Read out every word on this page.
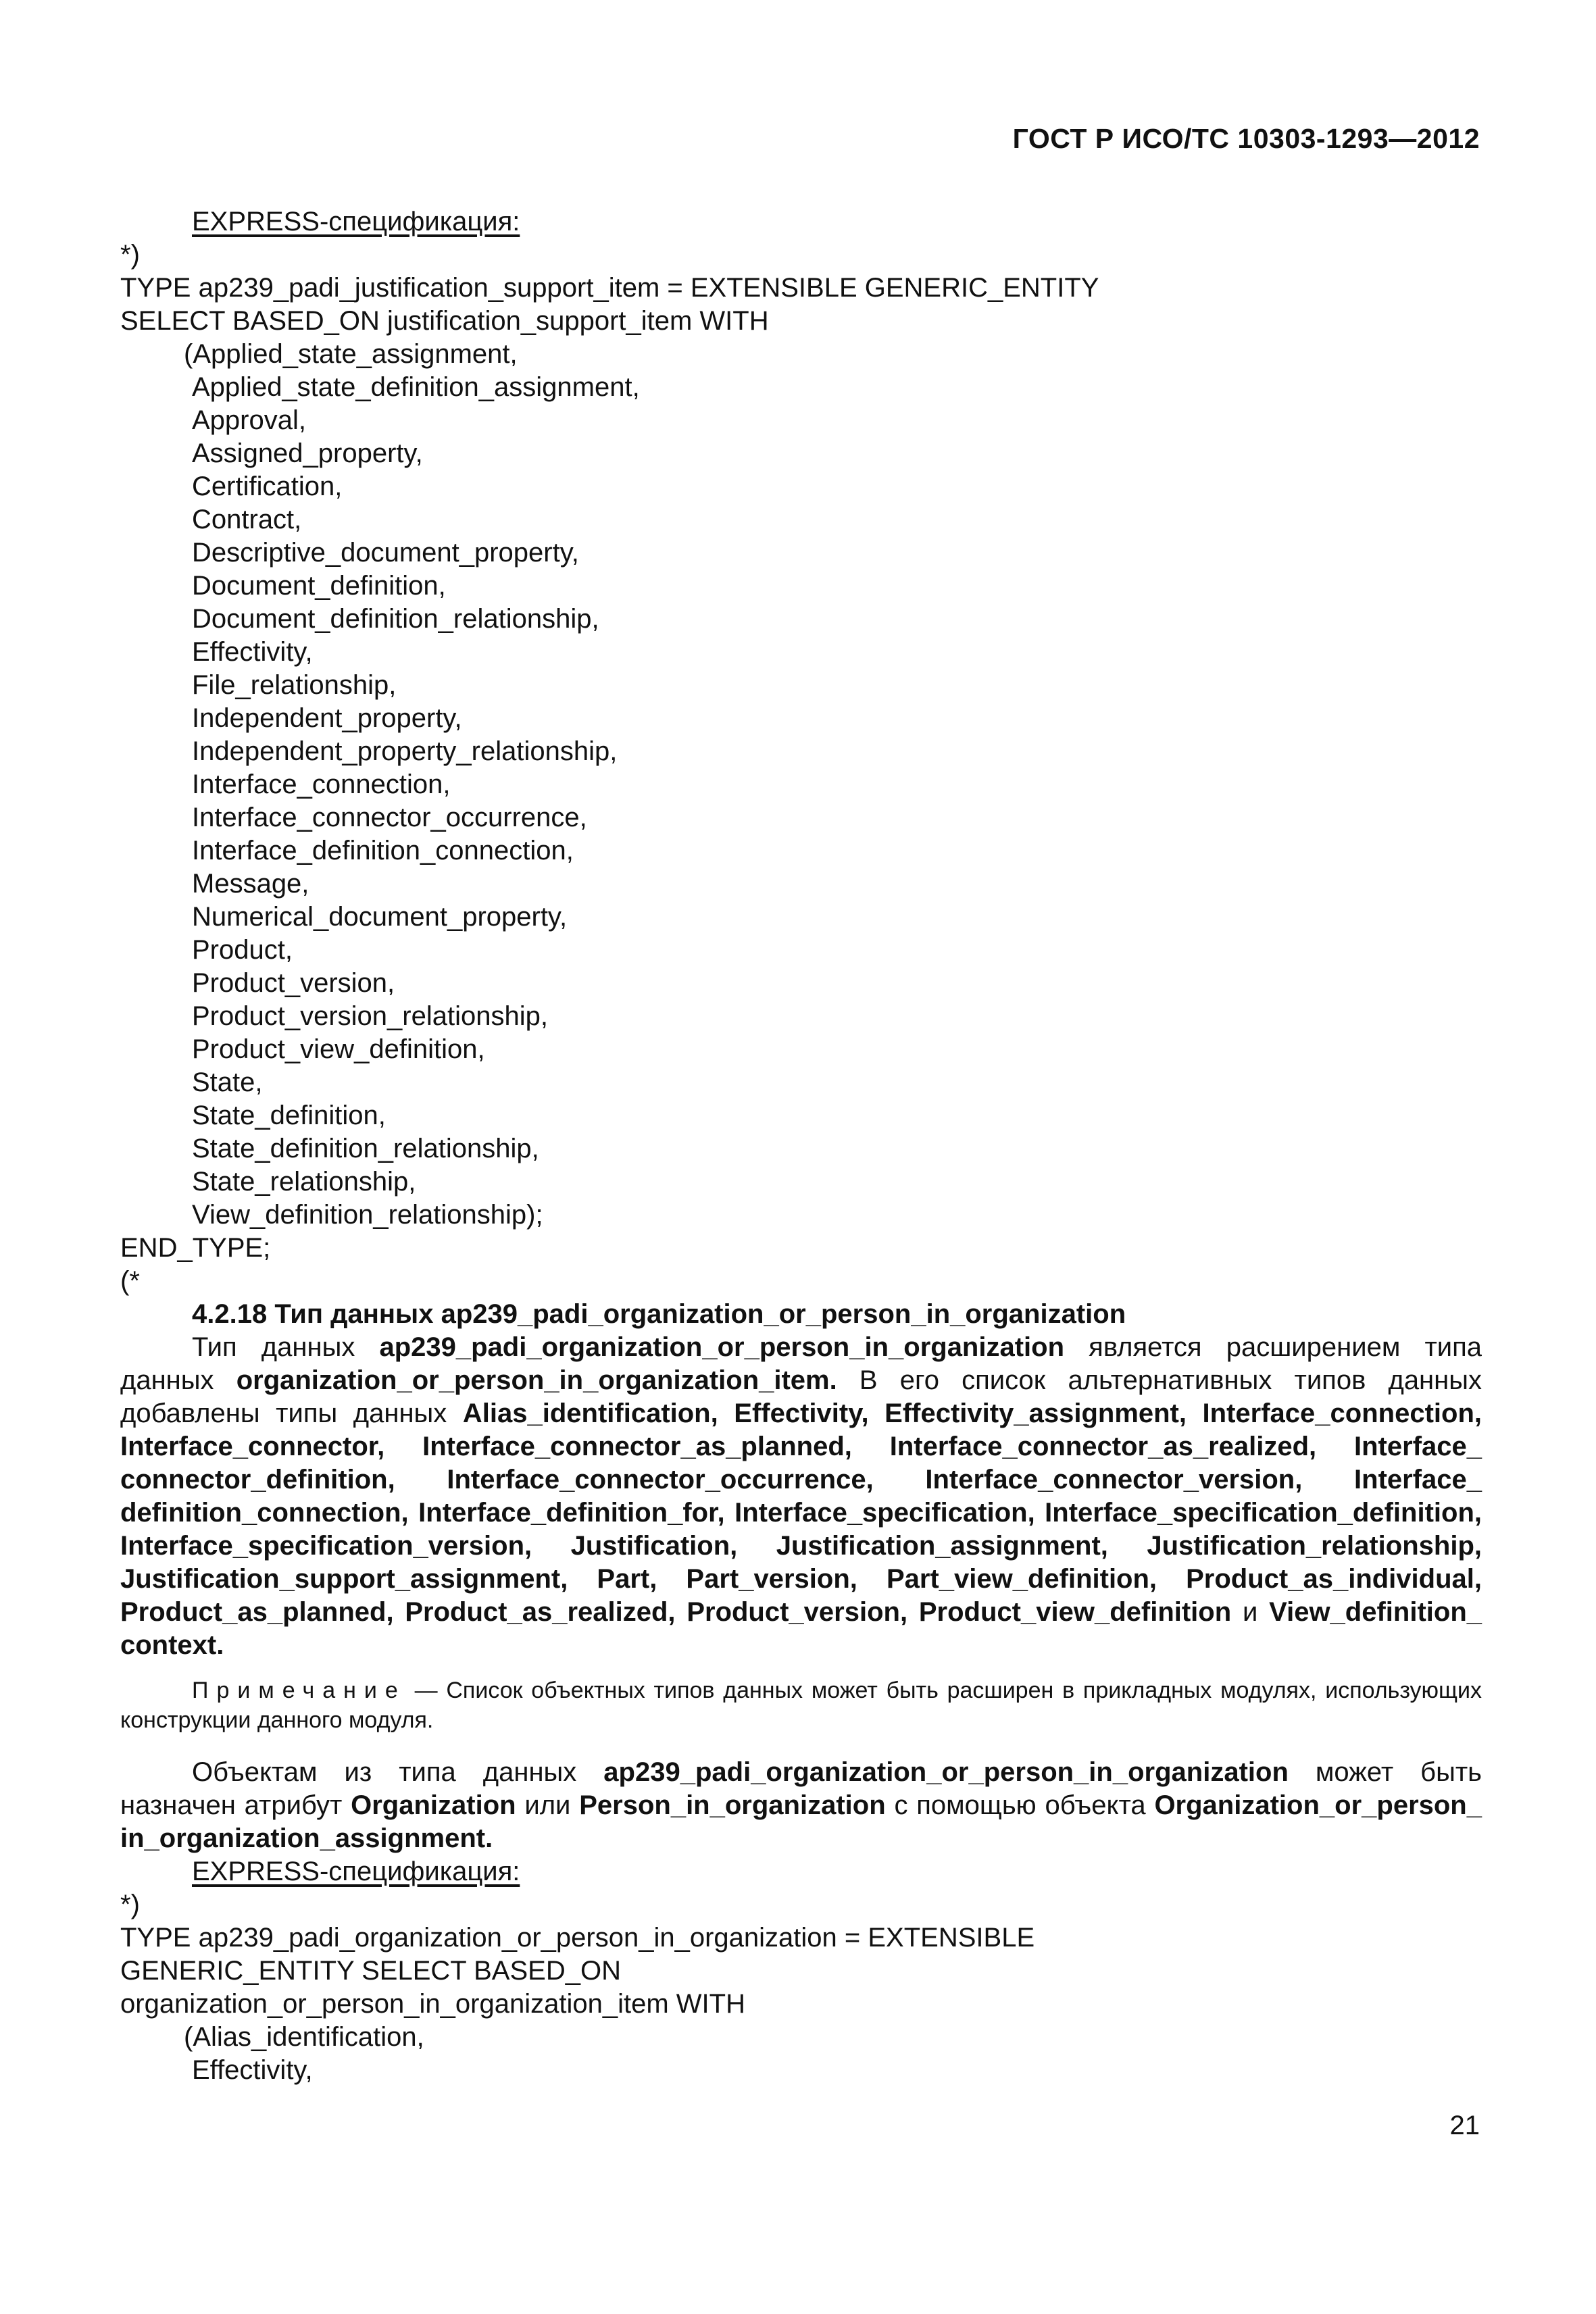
ГОСТ Р ИСО/ТС 10303-1293—2012
EXPRESS-спецификация:
*)
TYPE ap239_padi_justification_support_item = EXTENSIBLE GENERIC_ENTITY
SELECT BASED_ON justification_support_item WITH
(Applied_state_assignment,
Applied_state_definition_assignment,
Approval,
Assigned_property,
Certification,
Contract,
Descriptive_document_property,
Document_definition,
Document_definition_relationship,
Effectivity,
File_relationship,
Independent_property,
Independent_property_relationship,
Interface_connection,
Interface_connector_occurrence,
Interface_definition_connection,
Message,
Numerical_document_property,
Product,
Product_version,
Product_version_relationship,
Product_view_definition,
State,
State_definition,
State_definition_relationship,
State_relationship,
View_definition_relationship);
END_TYPE;
(*
4.2.18 Тип данных ap239_padi_organization_or_person_in_organization
Тип данных ap239_padi_organization_or_person_in_organization является расширением типа данных organization_or_person_in_organization_item. В его список альтернативных типов данных добавлены типы данных Alias_identification, Effectivity, Effectivity_assignment, Interface_connection, Interface_connector, Interface_connector_as_planned, Interface_connector_as_realized, Interface_ connector_definition, Interface_connector_occurrence, Interface_connector_version, Interface_ definition_connection, Interface_definition_for, Interface_specification, Interface_specification_definition, Interface_specification_version, Justification, Justification_assignment, Justification_relationship, Justification_support_assignment, Part, Part_version, Part_view_definition, Product_as_individual, Product_as_planned, Product_as_realized, Product_version, Product_view_definition и View_definition_ context.
Примечание — Список объектных типов данных может быть расширен в прикладных модулях, использующих конструкции данного модуля.
Объектам из типа данных ap239_padi_organization_or_person_in_organization может быть назначен атрибут Organization или Person_in_organization с помощью объекта Organization_or_person_ in_organization_assignment.
EXPRESS-спецификация:
*)
TYPE ap239_padi_organization_or_person_in_organization = EXTENSIBLE
GENERIC_ENTITY SELECT BASED_ON
organization_or_person_in_organization_item WITH
(Alias_identification,
Effectivity,
21
